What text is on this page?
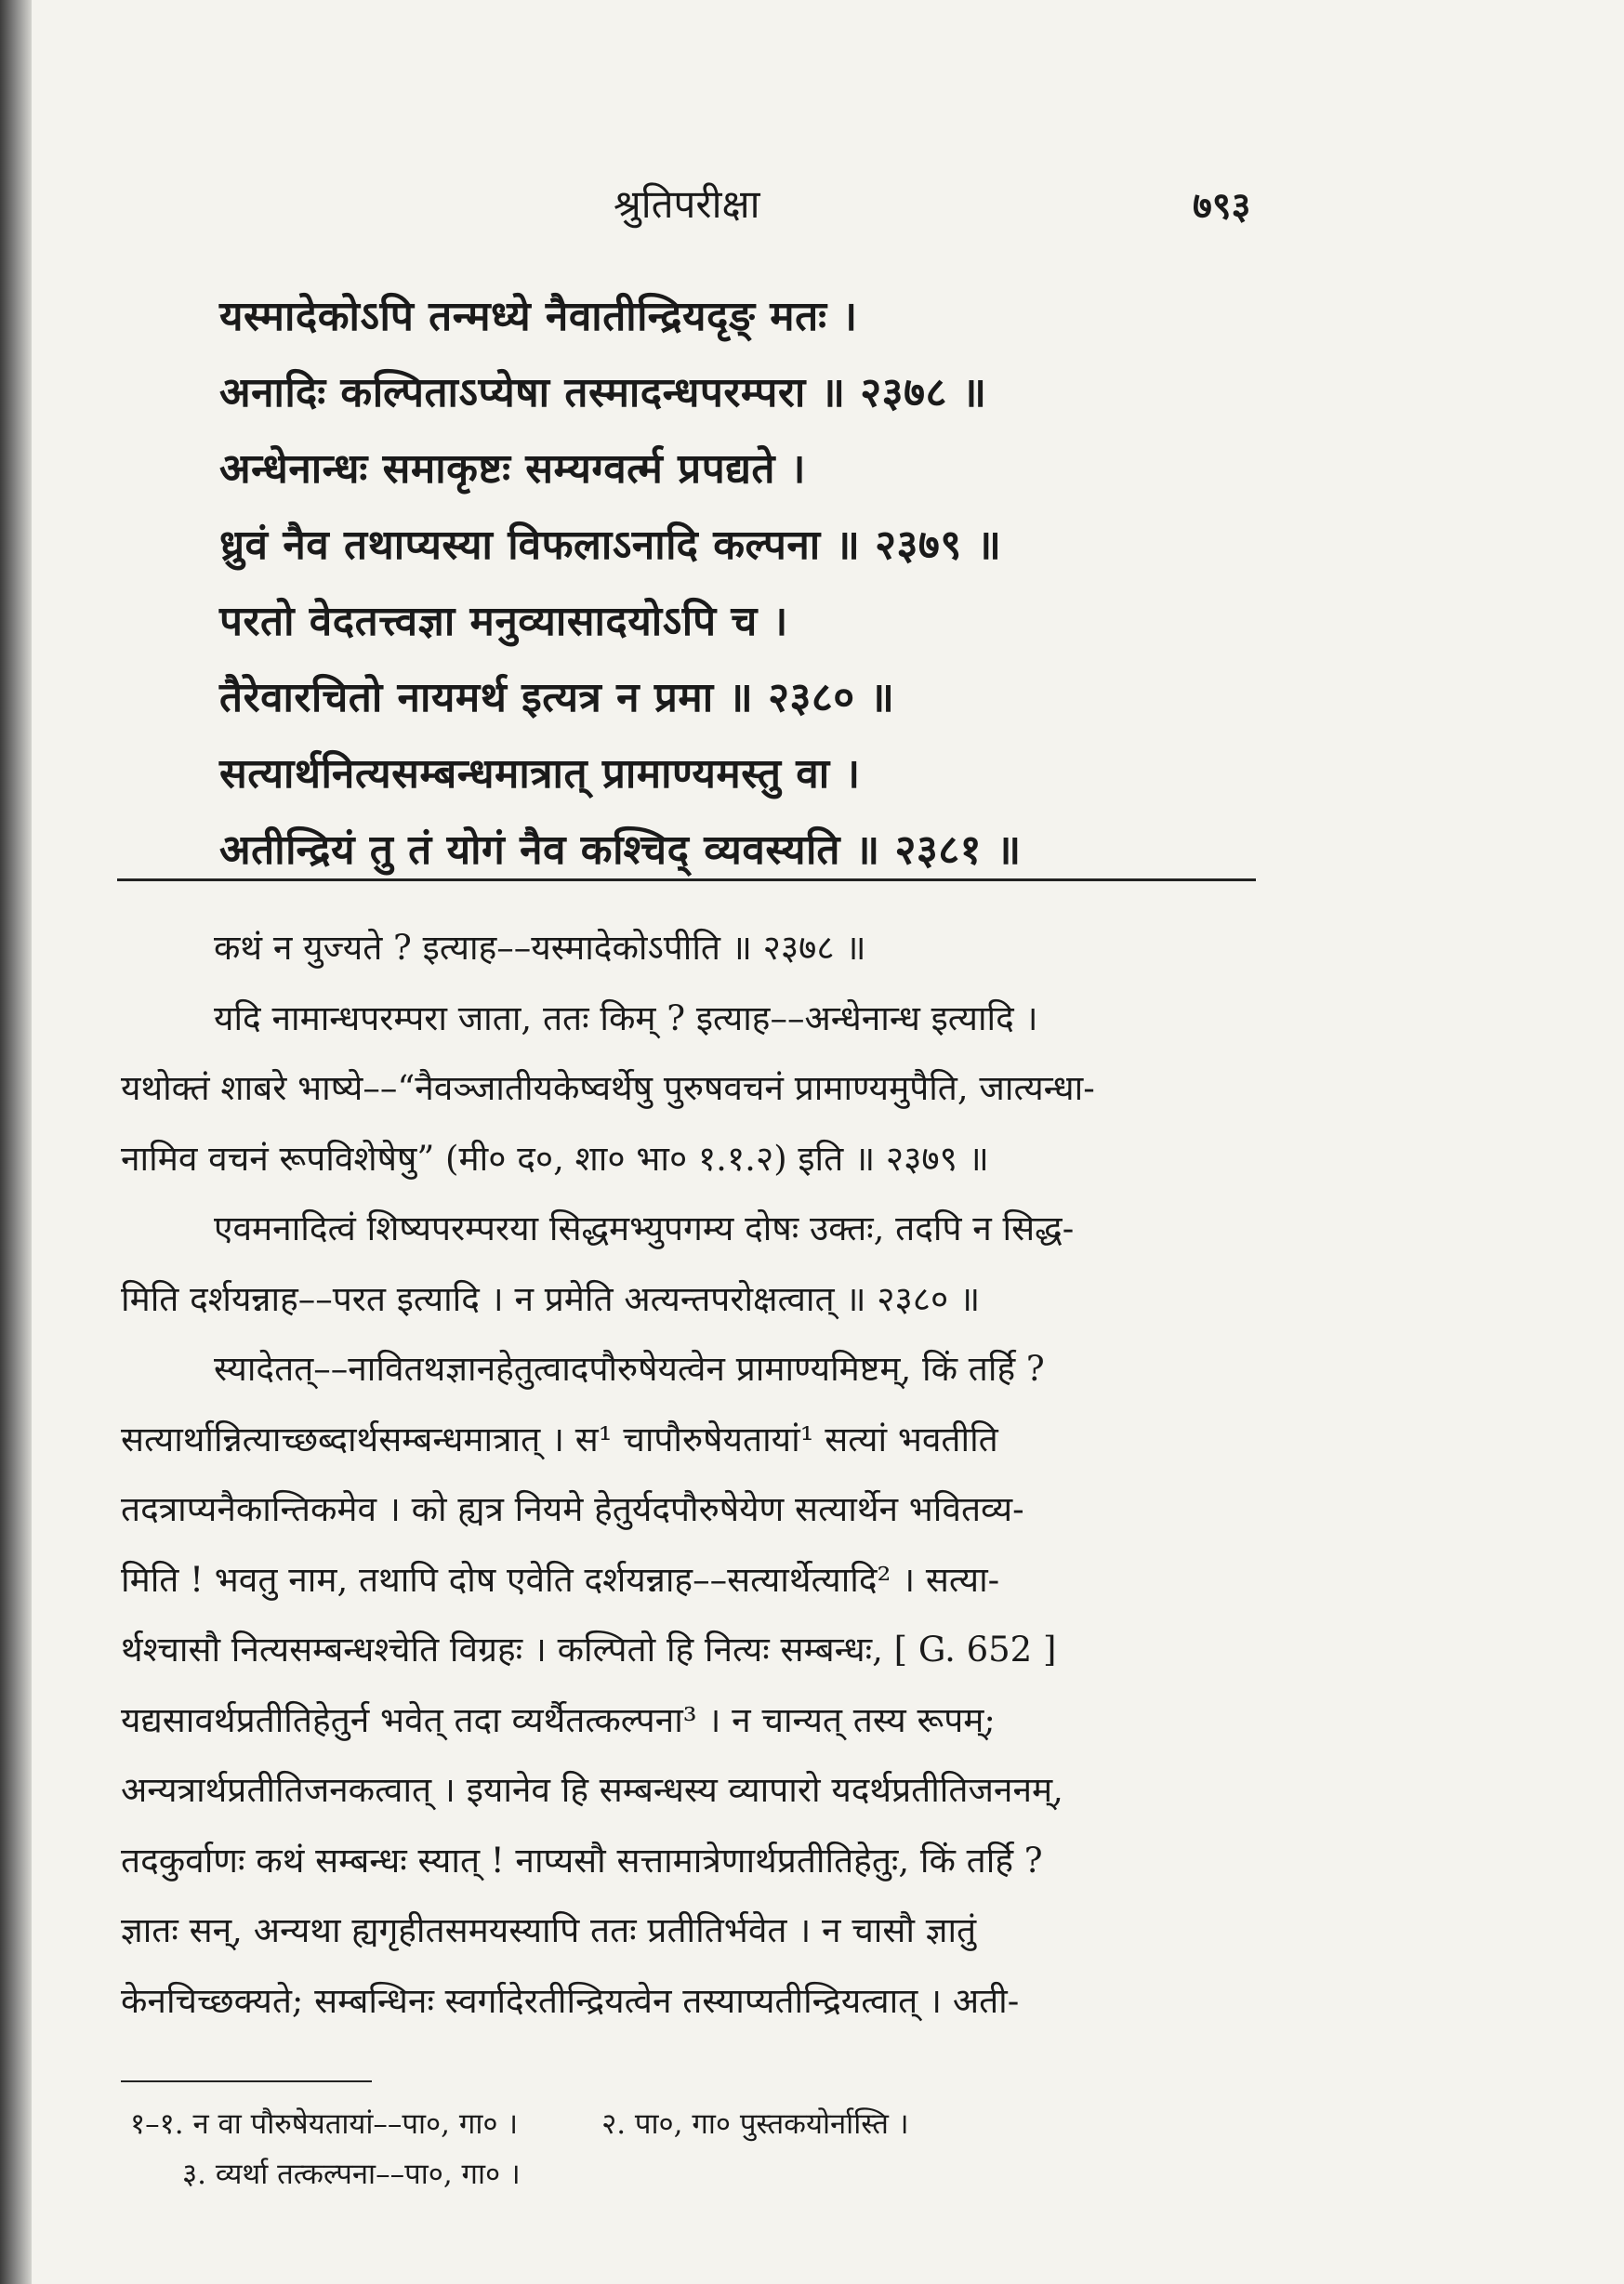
श्रुतिपरीक्षा	७९३
यस्मादेकोऽपि तन्मध्ये नैवातीन्द्रियदृङ् मतः ।
अनादिः कल्पिताऽप्येषा तस्मादन्धपरम्परा ॥ २३७८ ॥
अन्धेनान्धः समाकृष्टः सम्यग्वर्त्म प्रपद्यते ।
ध्रुवं नैव तथाप्यस्या विफलाऽनादि कल्पना ॥ २३७९ ॥
परतो वेदतत्त्वज्ञा मनुव्यासादयोऽपि च ।
तैरेवारचितो नायमर्थ इत्यत्र न प्रमा ॥ २३८० ॥
सत्यार्थनित्यसम्बन्धमात्रात् प्रामाण्यमस्तु वा ।
अतीन्द्रियं तु तं योगं नैव कश्चिद् व्यवस्यति ॥ २३८१ ॥
कथं न युज्यते ? इत्याह––यस्मादेकोऽपीति ॥ २३७८ ॥
यदि नामान्धपरम्परा जाता, ततः किम् ? इत्याह––अन्धेनान्ध इत्यादि ।
यथोक्तं शाबरे भाष्ये––“नैवञ्जातीयकेष्वर्थेषु पुरुषवचनं प्रामाण्यमुपैति, जात्यन्धा-
नामिव वचनं रूपविशेषेषु” (मी० द०, शा० भा० १.१.२) इति ॥ २३७९ ॥
एवमनादित्वं शिष्यपरम्परया सिद्धमभ्युपगम्य दोषः उक्तः, तदपि न सिद्ध-
मिति दर्शयन्नाह––परत इत्यादि । न प्रमेति अत्यन्तपरोक्षत्वात् ॥ २३८० ॥
स्यादेतत्––नावितथज्ञानहेतुत्वादपौरुषेयत्वेन प्रामाण्यमिष्टम्, किं तर्हि ?
सत्यार्थान्नित्याच्छब्दार्थसम्बन्धमात्रात् । स¹ चापौरुषेयतायां¹ सत्यां भवतीति
तदत्राप्यनैकान्तिकमेव । को ह्यत्र नियमे हेतुर्यदपौरुषेयेण सत्यार्थेन भवितव्य-
मिति ! भवतु नाम, तथापि दोष एवेति दर्शयन्नाह––सत्यार्थेत्यादि² । सत्या-
र्थश्चासौ नित्यसम्बन्धश्चेति विग्रहः । कल्पितो हि नित्यः सम्बन्धः, [ G. 652 ]
यद्यसावर्थप्रतीतिहेतुर्न भवेत् तदा व्यर्थैतत्कल्पना³ । न चान्यत् तस्य रूपम्;
अन्यत्रार्थप्रतीतिजनकत्वात् । इयानेव हि सम्बन्धस्य व्यापारो यदर्थप्रतीतिजननम्,
तदकुर्वाणः कथं सम्बन्धः स्यात् ! नाप्यसौ सत्तामात्रेणार्थप्रतीतिहेतुः, किं तर्हि ?
ज्ञातः सन्, अन्यथा ह्यगृहीतसमयस्यापि ततः प्रतीतिर्भवेत । न चासौ ज्ञातुं
केनचिच्छक्यते; सम्बन्धिनः स्वर्गादेरतीन्द्रियत्वेन तस्याप्यतीन्द्रियत्वात् । अती-
१–१. न वा पौरुषेयतायां––पा०, गा० ।	२. पा०, गा० पुस्तकयोर्नास्ति ।
३. व्यर्था तत्कल्पना––पा०, गा० ।
